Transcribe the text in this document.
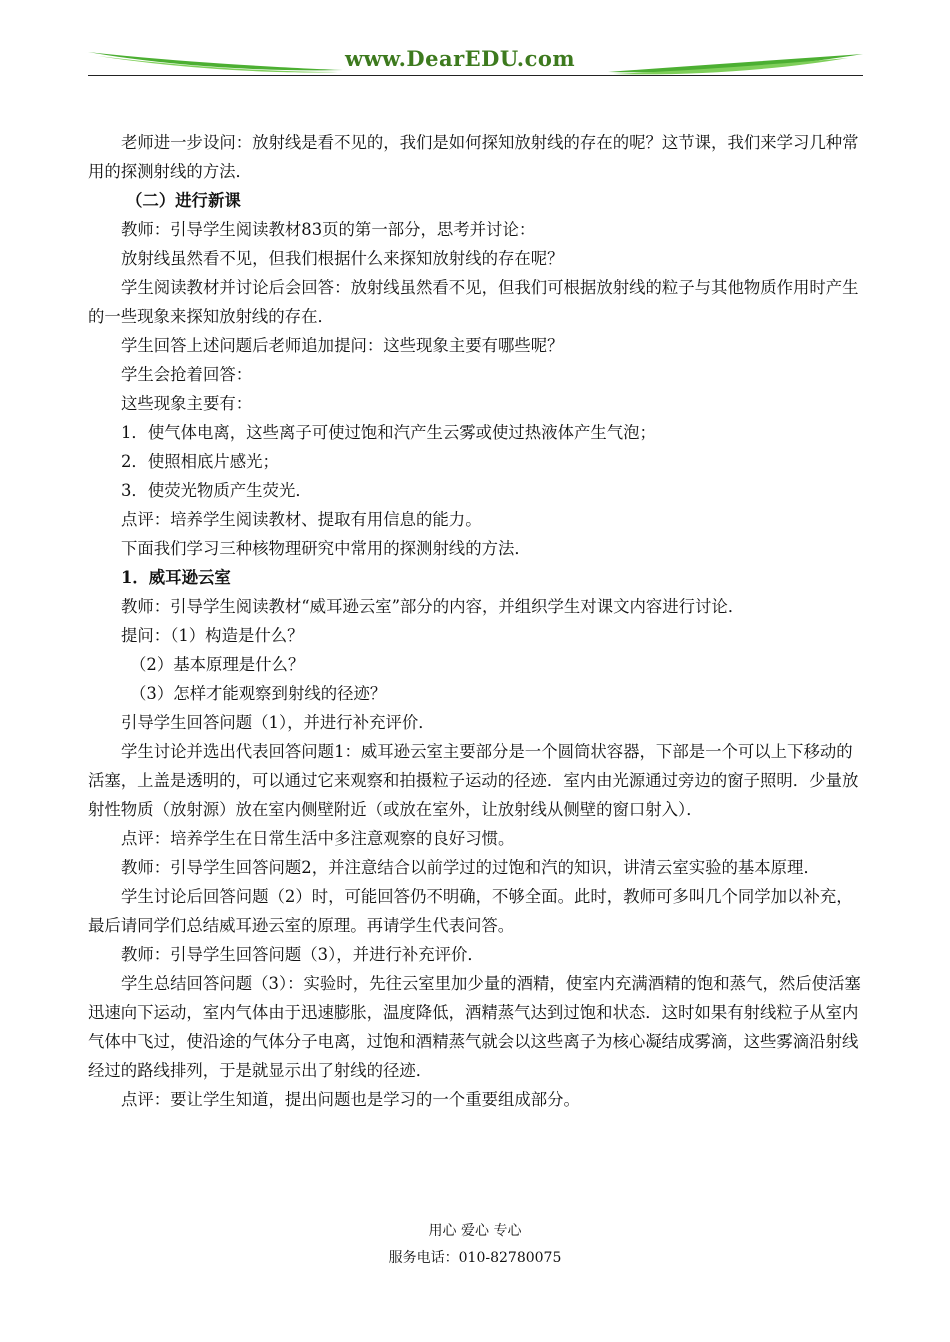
www.DearEDU.com

老师进一步设问：放射线是看不见的，我们是如何探知放射线的存在的呢？这节课，我们来学习几种常用的探测射线的方法．

（二）进行新课

教师：引导学生阅读教材83页的第一部分，思考并讨论：

放射线虽然看不见，但我们根据什么来探知放射线的存在呢？

学生阅读教材并讨论后会回答：放射线虽然看不见，但我们可根据放射线的粒子与其他物质作用时产生的一些现象来探知放射线的存在．

学生回答上述问题后老师追加提问：这些现象主要有哪些呢？

学生会抢着回答：

这些现象主要有：

1．使气体电离，这些离子可使过饱和汽产生云雾或使过热液体产生气泡；

2．使照相底片感光；

3．使荧光物质产生荧光．

点评：培养学生阅读教材、提取有用信息的能力。

下面我们学习三种核物理研究中常用的探测射线的方法．

1．威耳逊云室

教师：引导学生阅读教材“威耳逊云室”部分的内容，并组织学生对课文内容进行讨论．

提问：（1）构造是什么？

（2）基本原理是什么？

（3）怎样才能观察到射线的径迹？

引导学生回答问题（1），并进行补充评价．

学生讨论并选出代表回答问题1：威耳逊云室主要部分是一个圆筒状容器，下部是一个可以上下移动的活塞，上盖是透明的，可以通过它来观察和拍摄粒子运动的径迹．室内由光源通过旁边的窗子照明．少量放射性物质（放射源）放在室内侧壁附近（或放在室外，让放射线从侧壁的窗口射入）．

点评：培养学生在日常生活中多注意观察的良好习惯。

教师：引导学生回答问题2，并注意结合以前学过的过饱和汽的知识，讲清云室实验的基本原理．

学生讨论后回答问题（2）时，可能回答仍不明确，不够全面。此时，教师可多叫几个同学加以补充，最后请同学们总结威耳逊云室的原理。再请学生代表问答。

教师：引导学生回答问题（3），并进行补充评价．

学生总结回答问题（3）：实验时，先往云室里加少量的酒精，使室内充满酒精的饱和蒸气，然后使活塞迅速向下运动，室内气体由于迅速膨胀，温度降低，酒精蒸气达到过饱和状态．这时如果有射线粒子从室内气体中飞过，使沿途的气体分子电离，过饱和酒精蒸气就会以这些离子为核心凝结成雾滴，这些雾滴沿射线经过的路线排列，于是就显示出了射线的径迹．

点评：要让学生知道，提出问题也是学习的一个重要组成部分。

用心 爱心 专心
服务电话：010-82780075
